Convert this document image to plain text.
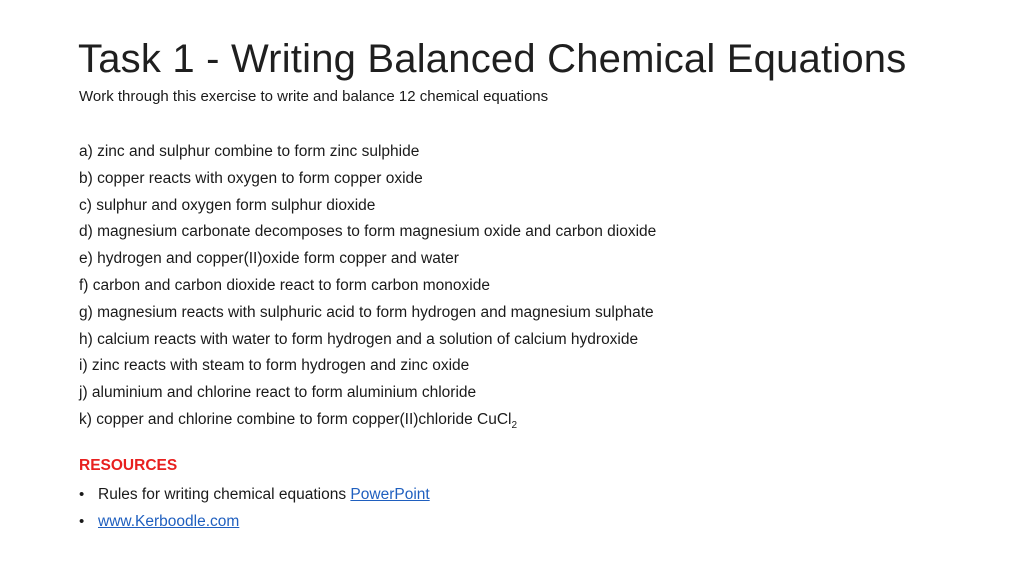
Task 1 - Writing Balanced Chemical Equations
Work through this exercise to write and balance 12 chemical equations
a) zinc and sulphur combine to form zinc sulphide
b) copper reacts with oxygen to form copper oxide
c) sulphur and oxygen form sulphur dioxide
d) magnesium carbonate decomposes to form magnesium oxide and carbon dioxide
e) hydrogen and copper(II)oxide form copper and water
f) carbon and carbon dioxide react to form carbon monoxide
g) magnesium reacts with sulphuric acid to form hydrogen and magnesium sulphate
h) calcium reacts with water to form hydrogen and a solution of calcium hydroxide
i) zinc reacts with steam to form hydrogen and zinc oxide
j) aluminium and chlorine react to form aluminium chloride
k) copper and chlorine combine to form copper(II)chloride CuCl$_2$
RESOURCES
• Rules for writing chemical equations PowerPoint
• www.Kerboodle.com
